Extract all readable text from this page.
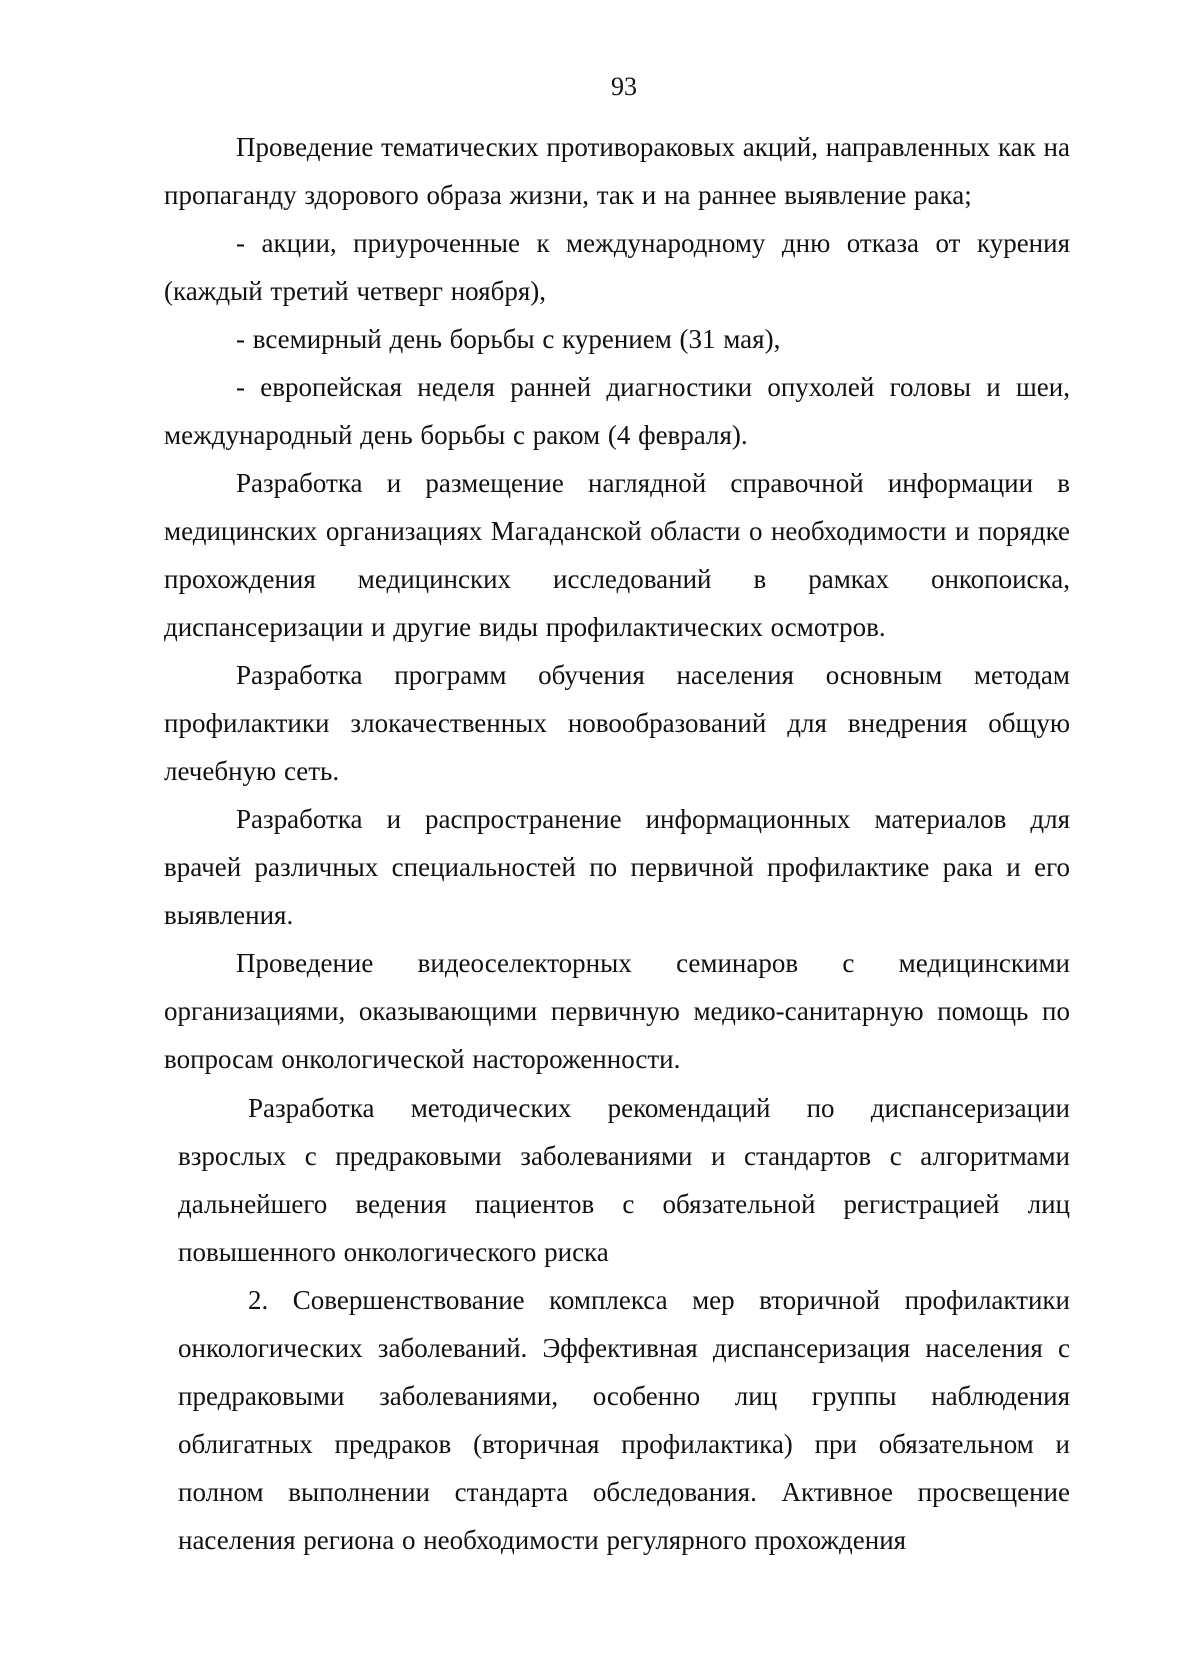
93

Проведение тематических противораковых акций, направленных как на пропаганду здорового образа жизни, так и на раннее выявление рака;

- акции, приуроченные к международному дню отказа от курения (каждый третий четверг ноября),

- всемирный день борьбы с курением (31 мая),

- европейская неделя ранней диагностики опухолей головы и шеи, международный день борьбы с раком (4 февраля).

Разработка и размещение наглядной справочной информации в медицинских организациях Магаданской области о необходимости и порядке прохождения медицинских исследований в рамках онкопоиска, диспансеризации и другие виды профилактических осмотров.

Разработка программ обучения населения основным методам профилактики злокачественных новообразований для внедрения общую лечебную сеть.

Разработка и распространение информационных материалов для врачей различных специальностей по первичной профилактике рака и его выявления.

Проведение видеоселекторных семинаров с медицинскими организациями, оказывающими первичную медико-санитарную помощь по вопросам онкологической настороженности.

Разработка методических рекомендаций по диспансеризации взрослых с предраковыми заболеваниями и стандартов с алгоритмами дальнейшего ведения пациентов с обязательной регистрацией лиц повышенного онкологического риска

2. Совершенствование комплекса мер вторичной профилактики онкологических заболеваний. Эффективная диспансеризация населения с предраковыми заболеваниями, особенно лиц группы наблюдения облигатных предраков (вторичная профилактика) при обязательном и полном выполнении стандарта обследования. Активное просвещение населения региона о необходимости регулярного прохождения
